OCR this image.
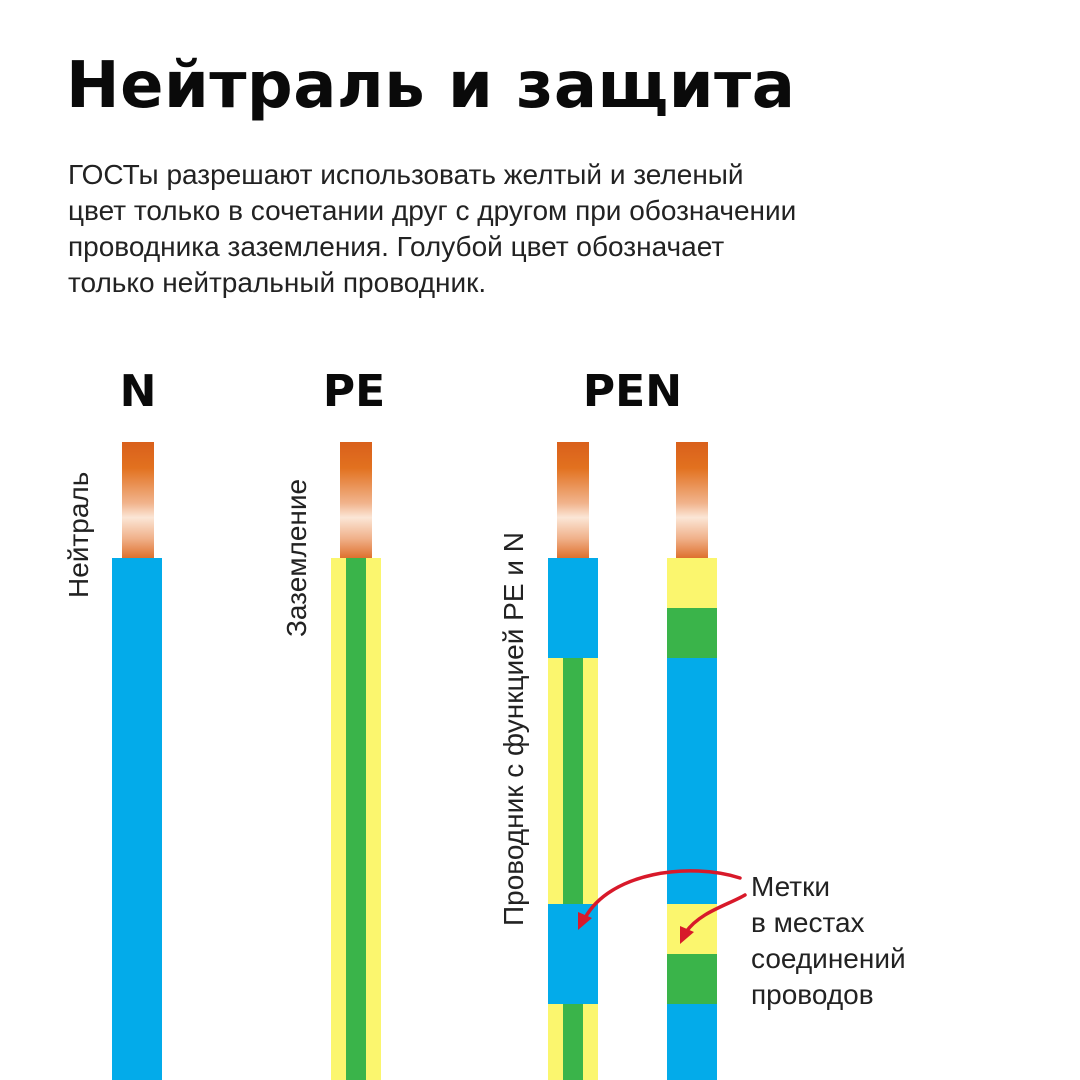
Нейтраль и защита

ГОСТы разрешают использовать желтый и зеленый
цвет только в сочетании друг с другом при обозначении
проводника заземления. Голубой цвет обозначает
только нейтральный проводник.

N
Нейтраль
PE
Заземление
PEN
Проводник с функцией PE и N	Метки
в местах
соединений
проводов
